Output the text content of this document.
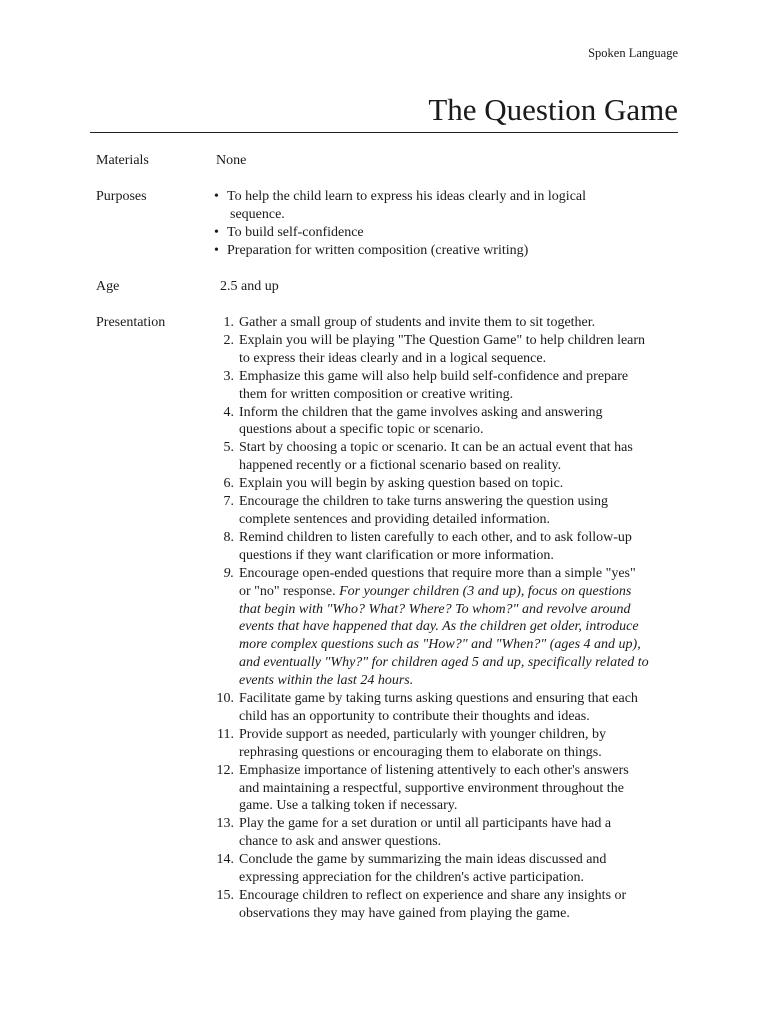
Spoken Language
The Question Game
Materials	None
Purposes
•	To help the child learn to express his ideas clearly and in logical sequence.
• To build self-confidence
• Preparation for written composition (creative writing)
Age	2.5 and up
Presentation	1. Gather a small group of students and invite them to sit together.
2. Explain you will be playing "The Question Game" to help children learn to express their ideas clearly and in a logical sequence.
3. Emphasize this game will also help build self-confidence and prepare them for written composition or creative writing.
4. Inform the children that the game involves asking and answering questions about a specific topic or scenario.
5. Start by choosing a topic or scenario. It can be an actual event that has happened recently or a fictional scenario based on reality.
6. Explain you will begin by asking question based on topic.
7. Encourage the children to take turns answering the question using complete sentences and providing detailed information.
8. Remind children to listen carefully to each other, and to ask follow-up questions if they want clarification or more information.
9. Encourage open-ended questions that require more than a simple "yes" or "no" response. For younger children (3 and up), focus on questions that begin with "Who? What? Where? To whom?" and revolve around events that have happened that day. As the children get older, introduce more complex questions such as "How?" and "When?" (ages 4 and up), and eventually "Why?" for children aged 5 and up, specifically related to events within the last 24 hours.
10. Facilitate game by taking turns asking questions and ensuring that each child has an opportunity to contribute their thoughts and ideas.
11. Provide support as needed, particularly with younger children, by rephrasing questions or encouraging them to elaborate on things.
12. Emphasize importance of listening attentively to each other's answers and maintaining a respectful, supportive environment throughout the game. Use a talking token if necessary.
13. Play the game for a set duration or until all participants have had a chance to ask and answer questions.
14. Conclude the game by summarizing the main ideas discussed and expressing appreciation for the children's active participation.
15. Encourage children to reflect on experience and share any insights or observations they may have gained from playing the game.
